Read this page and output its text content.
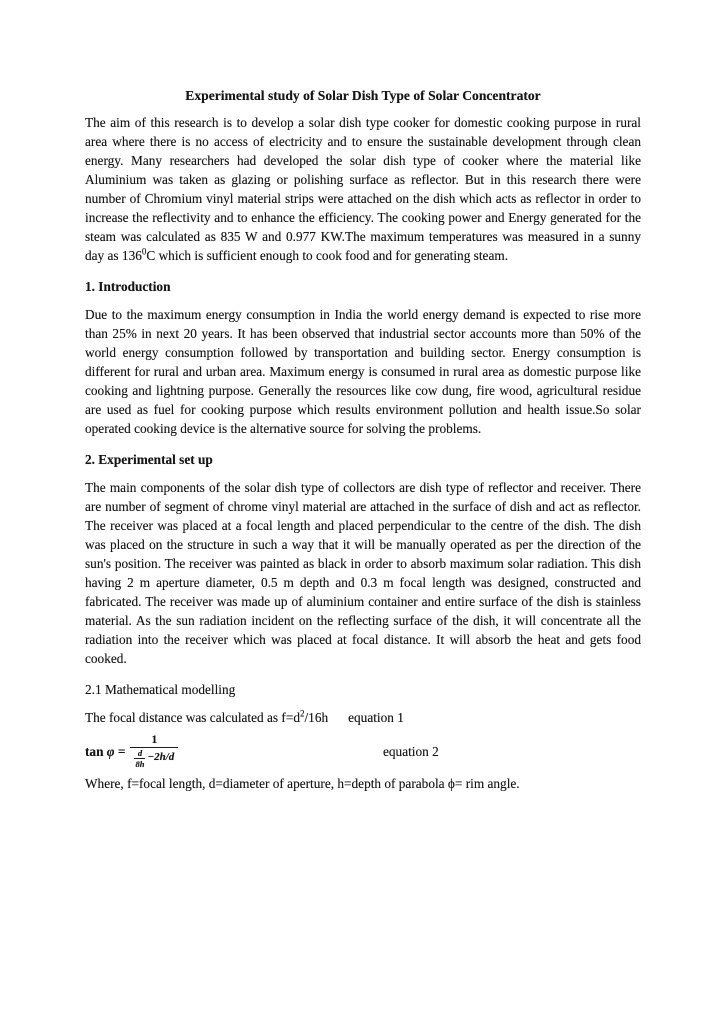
Experimental study of Solar Dish Type of Solar Concentrator

The aim of this research is to develop a solar dish type cooker for domestic cooking purpose in rural area where there is no access of electricity and to ensure the sustainable development through clean energy. Many researchers had developed the solar dish type of cooker where the material like Aluminium was taken as glazing or polishing surface as reflector. But in this research there were number of Chromium vinyl material strips were attached on the dish which acts as reflector in order to increase the reflectivity and to enhance the efficiency. The cooking power and Energy generated for the steam was calculated as 835 W and 0.977 KW.The maximum temperatures was measured in a sunny day as $136^0C$ which is sufficient enough to cook food and for generating steam.

1. Introduction

Due to the maximum energy consumption in India the world energy demand is expected to rise more than 25% in next 20 years. It has been observed that industrial sector accounts more than 50% of the world energy consumption followed by transportation and building sector. Energy consumption is different for rural and urban area. Maximum energy is consumed in rural area as domestic purpose like cooking and lightning purpose. Generally the resources like cow dung, fire wood, agricultural residue are used as fuel for cooking purpose which results environment pollution and health issue.So solar operated cooking device is the alternative source for solving the problems.

2. Experimental set up

The main components of the solar dish type of collectors are dish type of reflector and receiver. There are number of segment of chrome vinyl material are attached in the surface of dish and act as reflector. The receiver was placed at a focal length and placed perpendicular to the centre of the dish. The dish was placed on the structure in such a way that it will be manually operated as per the direction of the sun's position. The receiver was painted as black in order to absorb maximum solar radiation. This dish having 2 m aperture diameter, 0.5 m depth and 0.3 m focal length was designed, constructed and fabricated. The receiver was made up of aluminium container and entire surface of the dish is stainless material. As the sun radiation incident on the reflecting surface of the dish, it will concentrate all the radiation into the receiver which was placed at focal distance. It will absorb the heat and gets food cooked.

2.1 Mathematical modelling

The focal distance was calculated as $f=d^2/16h$ equation 1

$\tan \varphi = \frac{1}{\frac{d}{8h} -2h/d}$	equation 2

Where, f=focal length, d=diameter of aperture, h=depth of parabola ϕ= rim angle.
